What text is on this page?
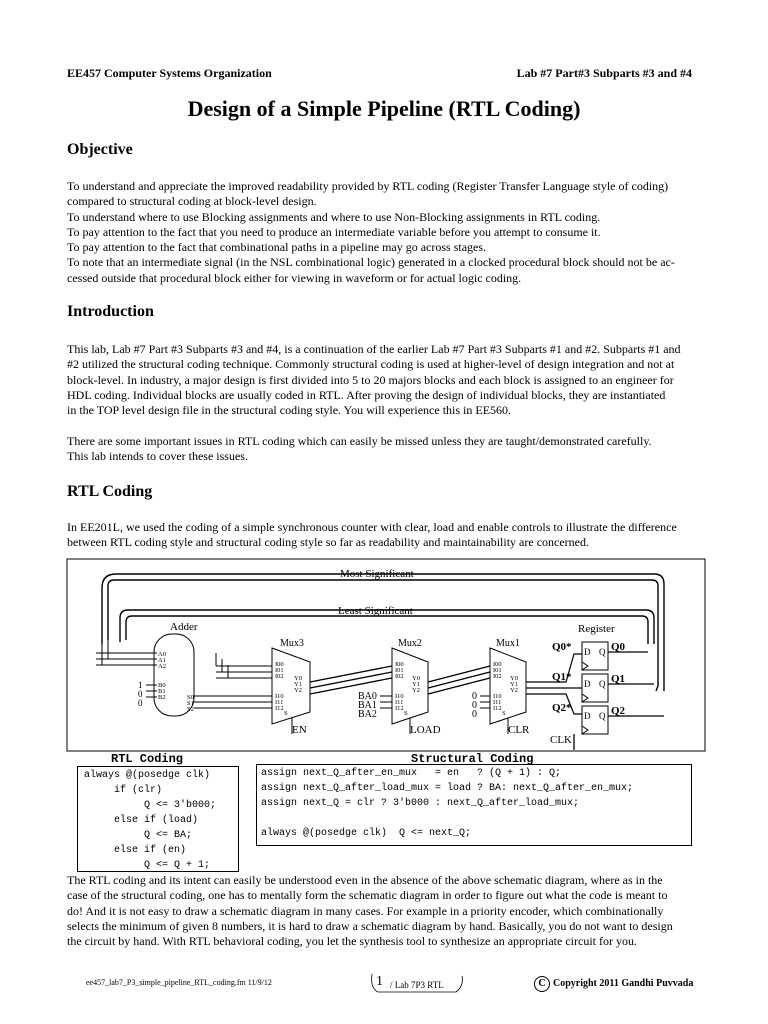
EE457 Computer Systems Organization	Lab #7 Part#3 Subparts #3 and #4
Design of a Simple Pipeline (RTL Coding)
Objective
To understand and appreciate the improved readability provided by RTL coding (Register Transfer Language style of coding)
compared to structural coding at block-level design.
To understand where to use Blocking assignments and where to use Non-Blocking assignments in RTL coding.
To pay attention to the fact that you need to produce an intermediate variable before you attempt to consume it.
To pay attention to the fact that combinational paths in a pipeline may go across stages.
To note that an intermediate signal (in the NSL combinational logic) generated in a clocked procedural block should not be ac-
cessed outside that procedural block either for viewing in waveform or for actual logic coding.
Introduction
This lab, Lab #7 Part #3 Subparts #3 and #4, is a continuation of the earlier Lab #7 Part #3 Subparts #1 and #2. Subparts #1 and
#2 utilized the structural coding technique. Commonly structural coding is used at higher-level of design integration and not at
block-level. In industry, a major design is first divided into 5 to 20 majors blocks and each block is assigned to an engineer for
HDL coding. Individual blocks are usually coded in RTL. After proving the design of individual blocks, they are instantiated
in the TOP level design file in the structural coding style. You will experience this in EE560.
There are some important issues in RTL coding which can easily be missed unless they are taught/demonstrated carefully.
This lab intends to cover these issues.
RTL Coding
In EE201L, we used the coding of a simple synchronous counter with clear, load and enable controls to illustrate the difference
between RTL coding style and structural coding style so far as readability and maintainability are concerned.
Most Significant
Least Significant
Adder
A0
A1
A2
B0
B1
B2	S0
S1
S2
1
0
0
Mux3
I00
I01
I02
I10
I11
I12
Y0
Y1
Y2
S
EN
Mux2
I00
I01
I02
I10
I11
I12
Y0
Y1
Y2
S
BA0
BA1
BA2
LOAD
Mux1
I00
I01
I02
I10
I11
I12
Y0
Y1
Y2
S
0
0
0
CLR
Q0*
Q1*
Q2*
Register
D Q
D Q
D Q
Q0
Q1
Q2
CLK
RTL Coding	Structural Coding
always @(posedge clk)
if (clr)
Q <= 3'b000;
else if (load)
Q <= BA;
else if (en)
Q <= Q + 1;
assign next_Q_after_en_mux   = en   ? (Q + 1) : Q;
assign next_Q_after_load_mux = load ? BA: next_Q_after_en_mux;
assign next_Q = clr ? 3'b000 : next_Q_after_load_mux;
always @(posedge clk)  Q <= next_Q;
The RTL coding and its intent can easily be understood even in the absence of the above schematic diagram, where as in the
case of the structural coding, one has to mentally form the schematic diagram in order to figure out what the code is meant to
do! And it is not easy to draw a schematic diagram in many cases. For example in a priority encoder, which combinationally
selects the minimum of given 8 numbers, it is hard to draw a schematic diagram by hand. Basically, you do not want to design
the circuit by hand. With RTL behavioral coding, you let the synthesis tool to synthesize an appropriate circuit for you.
ee457_lab7_P3_simple_pipeline_RTL_coding.fm 11/9/12	1 / Lab 7P3 RTL	C Copyright 2011 Gandhi Puvvada
